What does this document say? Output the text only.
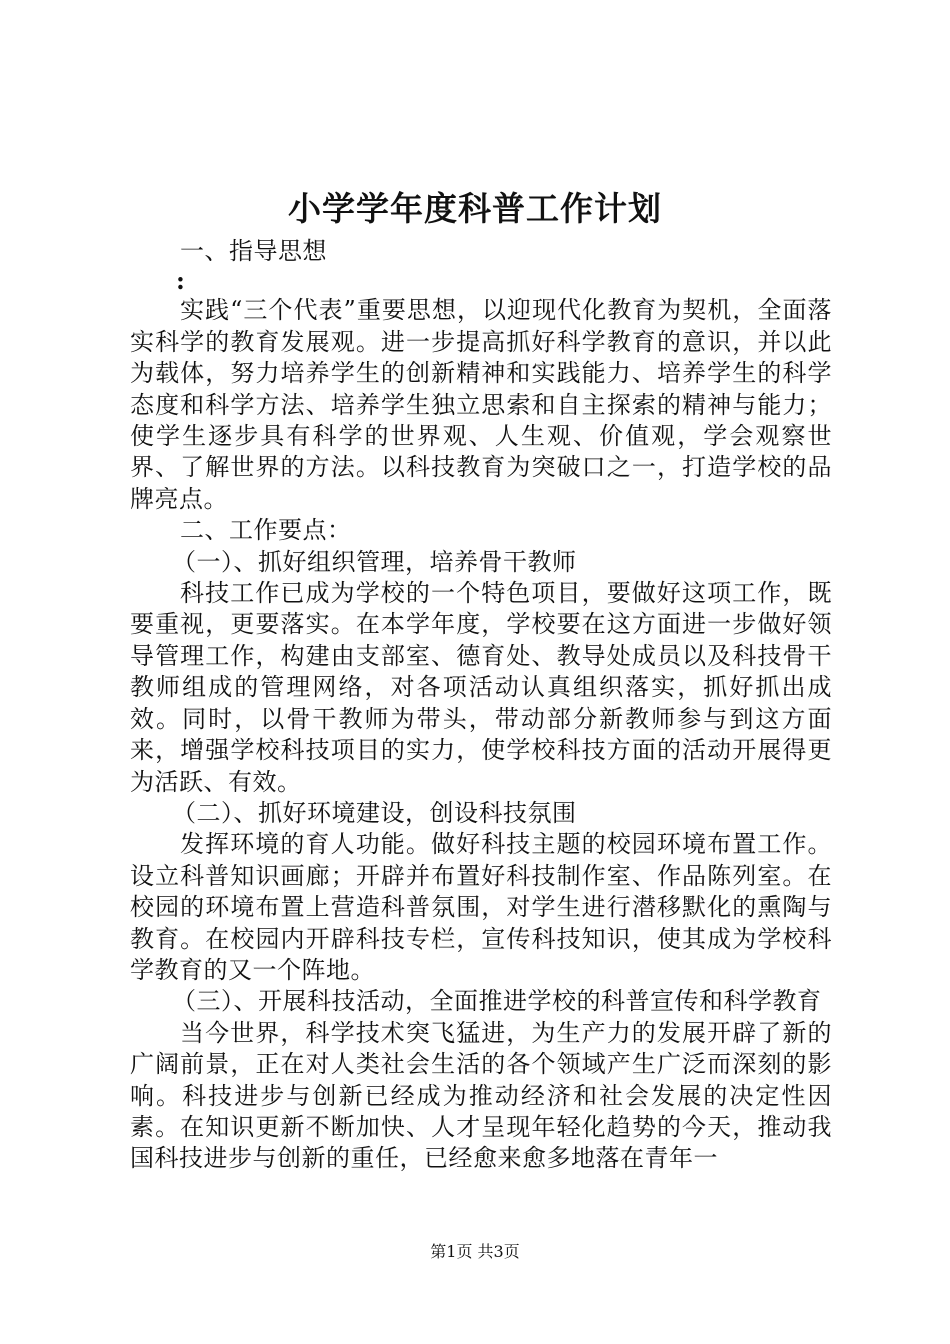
小学学年度科普工作计划

一、指导思想

:

实践“三个代表”重要思想，以迎现代化教育为契机，全面落实科学的教育发展观。进一步提高抓好科学教育的意识，并以此为载体，努力培养学生的创新精神和实践能力、培养学生的科学态度和科学方法、培养学生独立思索和自主探索的精神与能力；使学生逐步具有科学的世界观、人生观、价值观，学会观察世界、了解世界的方法。以科技教育为突破口之一，打造学校的品牌亮点。

二、工作要点：

（一）、抓好组织管理，培养骨干教师

科技工作已成为学校的一个特色项目，要做好这项工作，既要重视，更要落实。在本学年度，学校要在这方面进一步做好领导管理工作，构建由支部室、德育处、教导处成员以及科技骨干教师组成的管理网络，对各项活动认真组织落实，抓好抓出成效。同时，以骨干教师为带头，带动部分新教师参与到这方面来，增强学校科技项目的实力，使学校科技方面的活动开展得更为活跃、有效。

（二）、抓好环境建设，创设科技氛围

发挥环境的育人功能。做好科技主题的校园环境布置工作。设立科普知识画廊；开辟并布置好科技制作室、作品陈列室。在校园的环境布置上营造科普氛围，对学生进行潜移默化的熏陶与教育。在校园内开辟科技专栏，宣传科技知识，使其成为学校科学教育的又一个阵地。

（三）、开展科技活动，全面推进学校的科普宣传和科学教育

当今世界，科学技术突飞猛进，为生产力的发展开辟了新的广阔前景，正在对人类社会生活的各个领域产生广泛而深刻的影响。科技进步与创新已经成为推动经济和社会发展的决定性因素。在知识更新不断加快、人才呈现年轻化趋势的今天，推动我国科技进步与创新的重任，已经愈来愈多地落在青年一

第1页 共3页
